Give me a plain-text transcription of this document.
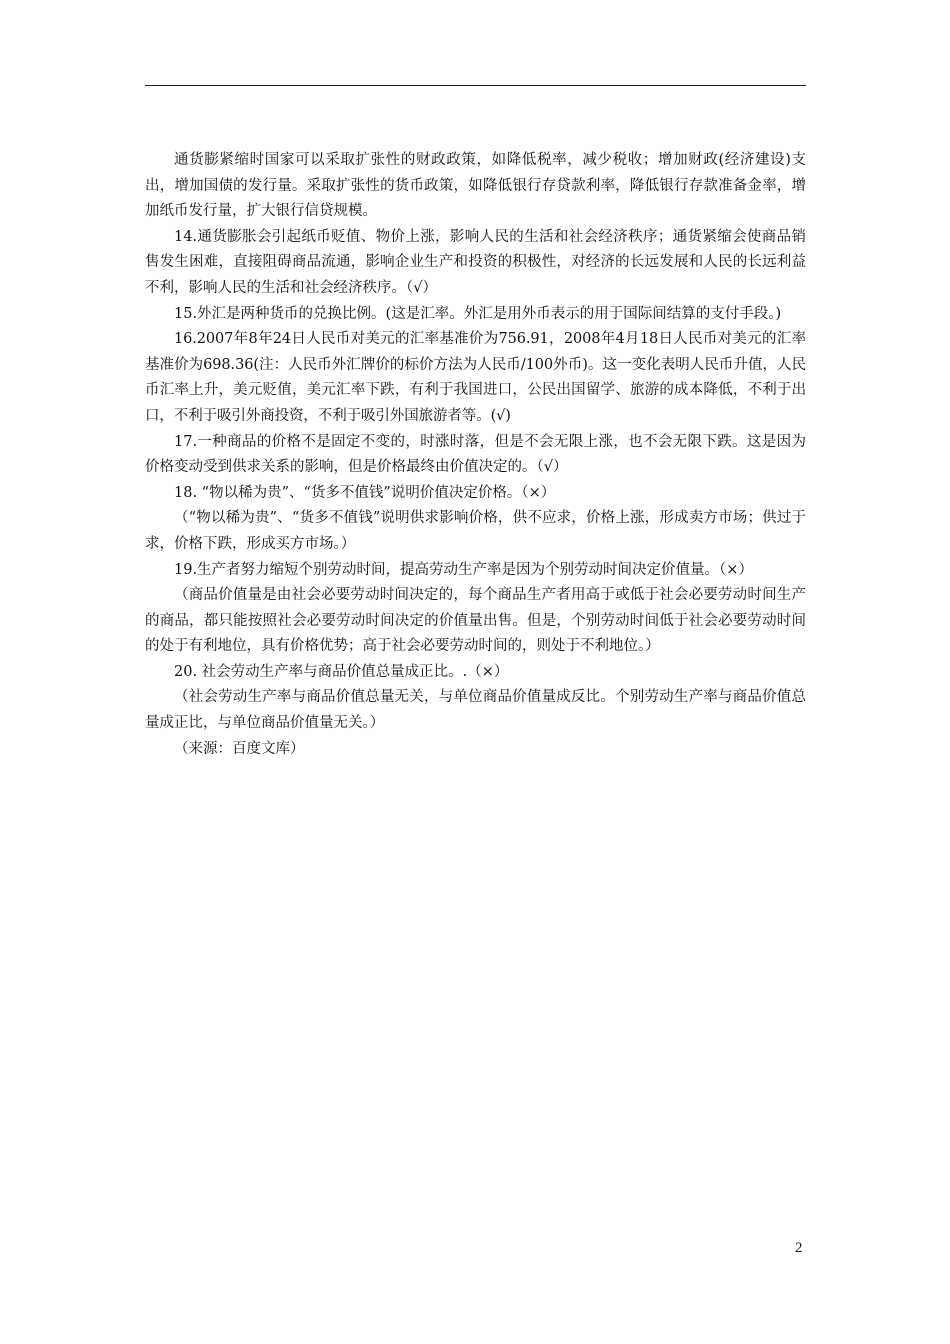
通货膨紧缩时国家可以采取扩张性的财政政策，如降低税率，减少税收；增加财政(经济建设)支出，增加国债的发行量。采取扩张性的货币政策，如降低银行存贷款利率，降低银行存款准备金率，增加纸币发行量，扩大银行信贷规模。

14.通货膨胀会引起纸币贬值、物价上涨，影响人民的生活和社会经济秩序；通货紧缩会使商品销售发生困难，直接阻碍商品流通，影响企业生产和投资的积极性，对经济的长远发展和人民的长远利益不利，影响人民的生活和社会经济秩序。（√）

15.外汇是两种货币的兑换比例。(这是汇率。外汇是用外币表示的用于国际间结算的支付手段。)

16.2007年8年24日人民币对美元的汇率基准价为756.91，2008年4月18日人民币对美元的汇率基准价为698.36(注：人民币外汇牌价的标价方法为人民币/100外币)。这一变化表明人民币升值，人民币汇率上升，美元贬值，美元汇率下跌，有利于我国进口，公民出国留学、旅游的成本降低，不利于出口，不利于吸引外商投资，不利于吸引外国旅游者等。(√)

17.一种商品的价格不是固定不变的，时涨时落，但是不会无限上涨，也不会无限下跌。这是因为价格变动受到供求关系的影响，但是价格最终由价值决定的。（√）

18. “物以稀为贵”、“货多不值钱”说明价值决定价格。（×）

（“物以稀为贵”、“货多不值钱”说明供求影响价格，供不应求，价格上涨，形成卖方市场；供过于求，价格下跌，形成买方市场。）

19.生产者努力缩短个别劳动时间，提高劳动生产率是因为个别劳动时间决定价值量。（×）

（商品价值量是由社会必要劳动时间决定的，每个商品生产者用高于或低于社会必要劳动时间生产的商品，都只能按照社会必要劳动时间决定的价值量出售。但是，个别劳动时间低于社会必要劳动时间的处于有利地位，具有价格优势；高于社会必要劳动时间的，则处于不利地位。）

20. 社会劳动生产率与商品价值总量成正比。.（×）

（社会劳动生产率与商品价值总量无关，与单位商品价值量成反比。个别劳动生产率与商品价值总量成正比，与单位商品价值量无关。）

（来源：百度文库）

2
